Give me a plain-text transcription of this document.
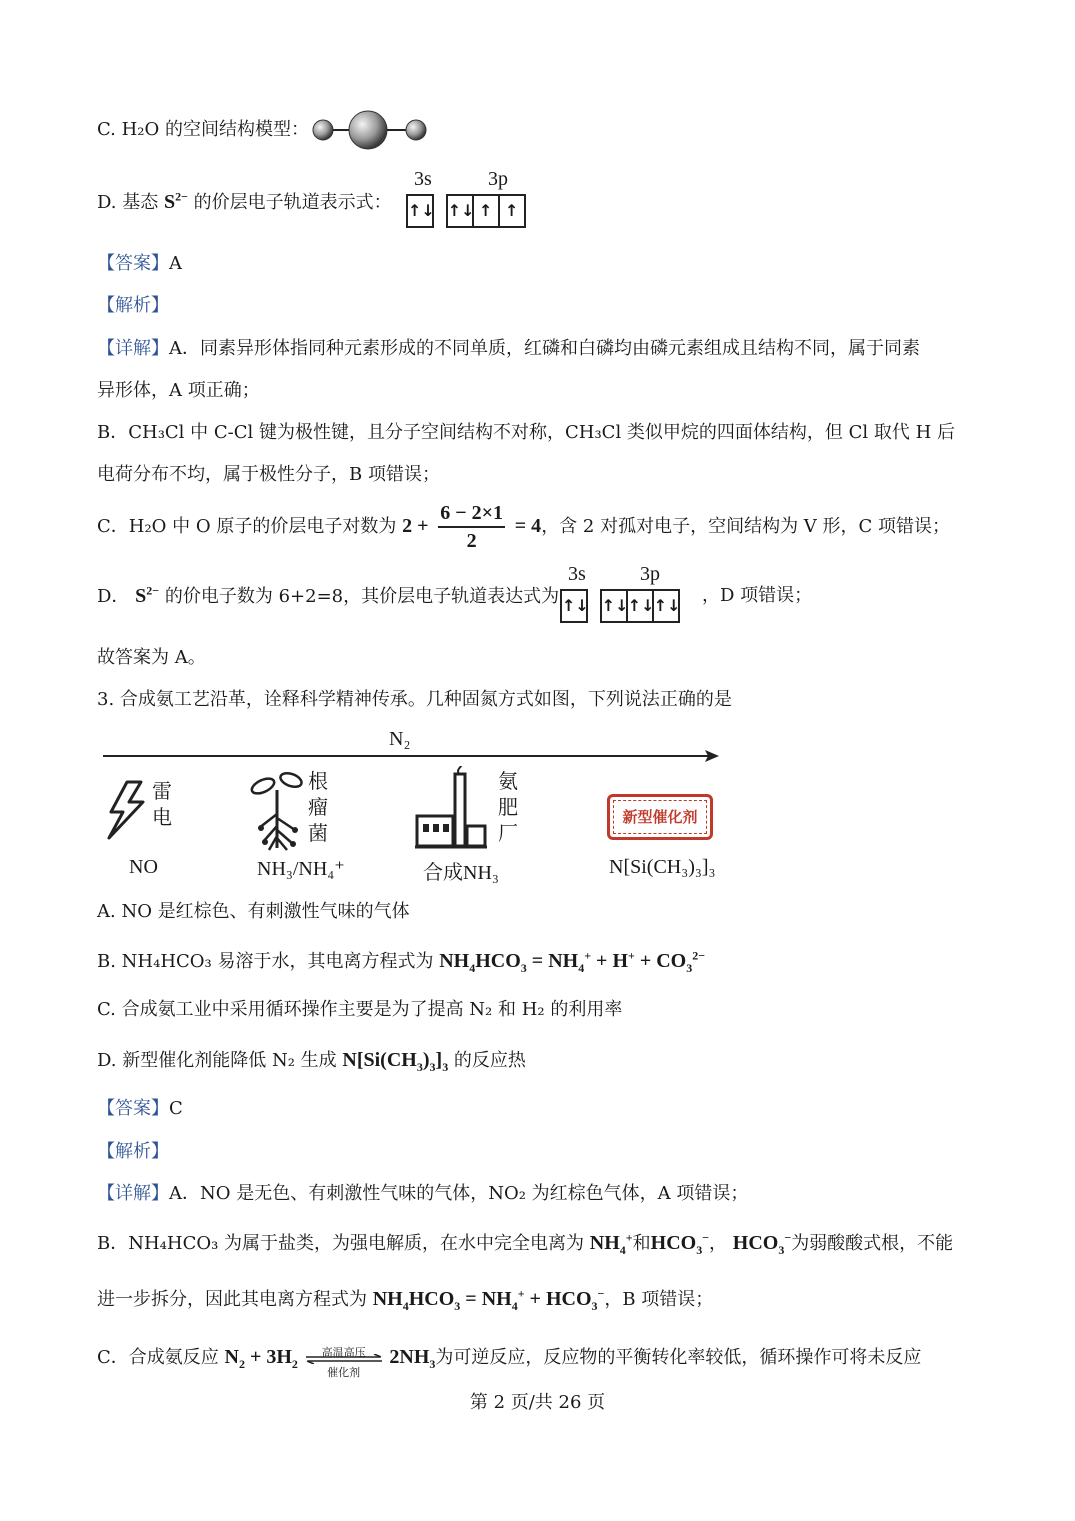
C. H₂O 的空间结构模型：
D. 基态 $S^{2-}$ 的价层电子轨道表示式：
3s	3p
↑↓ ↑↓ ↑ ↑
【答案】A
【解析】
【详解】A．同素异形体指同种元素形成的不同单质，红磷和白磷均由磷元素组成且结构不同，属于同素
异形体，A 项正确；
B．CH₃Cl 中 C-Cl 键为极性键，且分子空间结构不对称，CH₃Cl 类似甲烷的四面体结构，但 Cl 取代 H 后
电荷分布不均，属于极性分子，B 项错误；
C．H₂O 中 O 原子的价层电子对数为 $2 + \frac{6 - 2\times 1}{2} = 4$，含 2 对孤对电子，空间结构为 V 形，C 项错误；
D． $S^{2-}$ 的价电子数为 6+2=8，其价层电子轨道表达式为
3s	3p
↑↓ ↑↓↑↓↑↓ ，D 项错误；
故答案为 A。
3. 合成氨工艺沿革，诠释科学精神传承。几种固氮方式如图，下列说法正确的是
N₂
雷
电
NO
根
瘤
菌
NH₃/NH₄⁺
氨
肥
厂
合成NH₃
新型催化剂
N[Si(CH₃)₃]₃
A. NO 是红棕色、有刺激性气味的气体
B. NH₄HCO₃ 易溶于水，其电离方程式为 $NH_4HCO_3 = NH_4^+ + H^+ + CO_3^{2-}$
C. 合成氨工业中采用循环操作主要是为了提高 N₂ 和 H₂ 的利用率
D. 新型催化剂能降低 N₂ 生成 $N[Si(CH_3)_3]_3$ 的反应热
【答案】C
【解析】
【详解】A．NO 是无色、有刺激性气味的气体，NO₂ 为红棕色气体，A 项错误；
B．NH₄HCO₃ 为属于盐类，为强电解质，在水中完全电离为 $NH_4^+$和$HCO_3^-$， $HCO_3^-$为弱酸酸式根，不能
进一步拆分，因此其电离方程式为 $NH_4HCO_3 = NH_4^+ + HCO_3^-$，B 项错误；
C．合成氨反应 $N_2 + 3H_2$
高温高压
催化剂
$2NH_3$为可逆反应，反应物的平衡转化率较低，循环操作可将未反应
第 2 页/共 26 页
